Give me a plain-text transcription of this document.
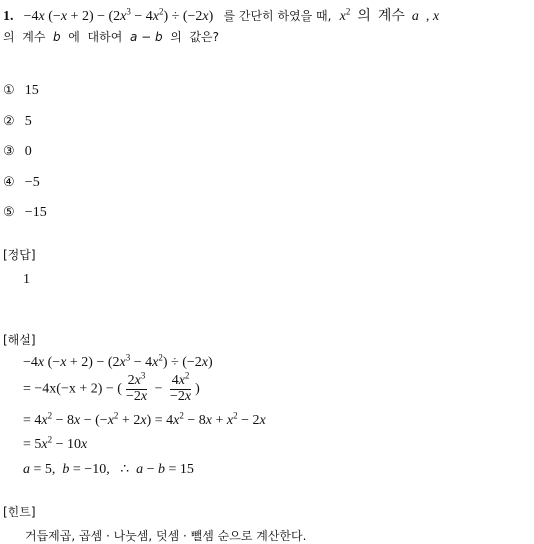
1. −4x $(-x + 2) - (2x^3 - 4x^2) \div (-2x)$ 를 간단히 하였을 때, $x^2$  의  계수  a  , x
의  계수  b  에  대하여  a − b  의  값은?
① 15
② 5
③ 0
④ −5
⑤ −15
[정답]
1
[해설]
−4x $(-x + 2) - (2x^3 - 4x^2) \div (-2x)$
= −4x(−x + 2) − ( $\frac{2x^3}{-2x} - \frac{4x^2}{-2x}$ )
= $4x^2 - 8x - (-x^2 + 2x) = 4x^2 - 8x + x^2 - 2x$
= $5x^2 - 10x$
a = 5,  b = −10,   ∴  a − b = 15
[힌트]
거듭제곱, 곱셈 · 나눗셈, 덧셈 · 뺄셈 순으로 계산한다.
